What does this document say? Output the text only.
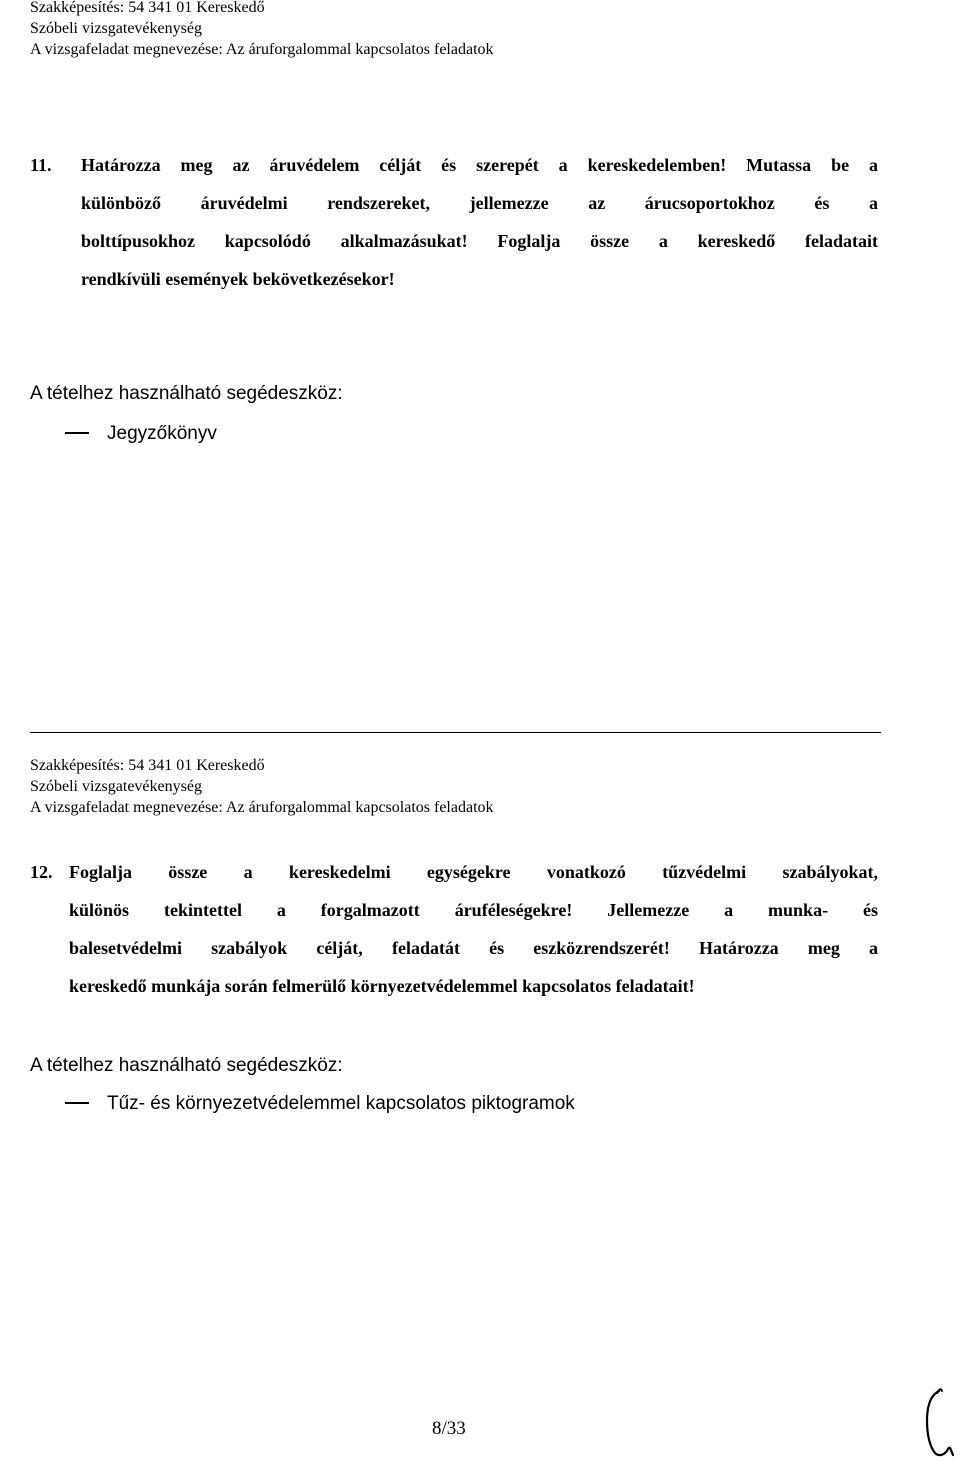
Szakképesítés: 54 341 01 Kereskedő
Szóbeli vizsgatevékenység
A vizsgafeladat megnevezése: Az áruforgalommal kapcsolatos feladatok
11. Határozza meg az áruvédelem célját és szerepét a kereskedelemben! Mutassa be a

különböző áruvédelmi rendszereket, jellemezze az árucsoportokhoz és a

bolttípusokhoz kapcsolódó alkalmazásukat! Foglalja össze a kereskedő feladatait

rendkívüli események bekövetkezésekor!

A tételhez használható segédeszköz:
Jegyzőkönyv
Szakképesítés: 54 341 01 Kereskedő
Szóbeli vizsgatevékenység
A vizsgafeladat megnevezése: Az áruforgalommal kapcsolatos feladatok
12. Foglalja össze a kereskedelmi egységekre vonatkozó tűzvédelmi szabályokat,

különös tekintettel a forgalmazott áruféleségekre! Jellemezze a munka- és

balesetvédelmi szabályok célját, feladatát és eszközrendszerét! Határozza meg a

kereskedő munkája során felmerülő környezetvédelemmel kapcsolatos feladatait!

A tételhez használható segédeszköz:
Tűz- és környezetvédelemmel kapcsolatos piktogramok
8/33
